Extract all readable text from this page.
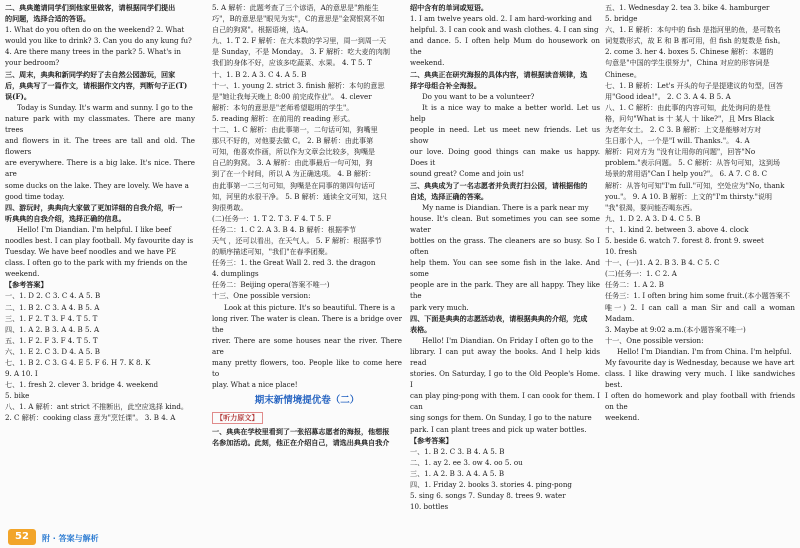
二、典典邀请同学们到他家里做客，请根据同学们提出

的问题，选择合适的答语。

1. What do you often do on the weekend? 2. What

would you like to drink? 3. Can you do any kung fu?

4. Are there many trees in the park? 5. What's in

your bedroom?

三、周末，典典和新同学约好了去自然公园游玩，回家

后，典典写了一篇作文，请根据作文内容，判断句子正(T)

误(F)。

Today is Sunday. It's warm and sunny. I go to the

nature park with my classmates. There are many trees

and flowers in it. The trees are tall and old. The flowers

are everywhere. There is a big lake. It's nice. There are

some ducks on the lake. They are lovely. We have a

good time today.

四、游玩时，典典向大家做了更加详细的自我介绍，听一

听典典的自我介绍，选择正确的信息。

Hello! I'm Diandian. I'm helpful. I like beef

noodles best. I can play football. My favourite day is

Tuesday. We have beef noodles and we have PE

class. I often go to the park with my friends on the

weekend.

【参考答案】

一、1. D 2. C 3. C 4. A 5. B

二、1. B 2. C 3. A 4. B 5. A

三、1. F 2. T 3. F 4. T 5. T

四、1. A 2. B 3. A 4. B 5. A

五、1. F 2. F 3. F 4. T 5. T

六、1. E 2. C 3. D 4. A 5. B

七、1. B 2. C 3. G 4. E 5. F 6. H 7. K 8. K

9. A 10. I

七、1. fresh 2. clever 3. bridge 4. weekend

5. bike

八、1. A 解析：ant strict 不推断出，此空应选择 kind。

2. C 解析：cooking class 意为"烹饪课"。 3. B 4. A

5. A 解析：此题考查了三个谚语，A的意思是"熟能生

巧"，B的意思是"眼见为实"，C的意思是"金窝银窝不如

自己的狗窝"。根据语境，选A。

九、1. T 2. F 解析：在大本数的学习里，周一到周一天

是 Sunday，不是 Monday。 3. F 解析：吃大麦的肉制

我们的身体不好，应该多吃蔬菜、水果。 4. T 5. T

十、1. B 2. A 3. C 4. A 5. B

十一、1. young 2. strict 3. finish 解析：本句的意思

是"她让我每天晚上 8:00 前完成作业"。 4. clever

解析：本句的意思是"老师希望聪明的学生"。

5. reading 解析：在前用的 reading 形式。

十二、1. C 解析：由此事第一，二句话可知，狗嘴里

那只不好的，对他要去做 C。 2. B 解析：由此事第

可知，他喜欢作画，所以作为文章会比较多，狗嘴是

自己的狗窝。 3. A 解析：由此事最后一句可知，狗

到了在一个时间，所以 A 为正确选项。 4. B 解析：

由此事第一二三句可知，狗嘴是在同事的第四句话可

知，河里的水很干净。 5. B 解析：通读全文可知，这只

狗很勇敢。

(二)任务一：1. T 2. T 3. F 4. T 5. F

任务二：1. C 2. A 3. B 4. B 解析：根据季节

天气 ，还可以看出，在天气人。 5. F 解析：根据季节

的顺序描述可知，"我们"在春季团聚。

任务三：1. the Great Wall 2. red 3. the dragon

4. dumplings

任务二：Beijing opera(答案不唯一)

十三、One possible version:

Look at this picture. It's so beautiful. There is a

long river. The water is clean. There is a bridge over the

river. There are some houses near the river. There are

many pretty flowers, too. People like to come here to

play. What a nice place!

期末新情境提优卷（二）

【听力原文】

一、典典在学校里看到了一张招募志愿者的海报，他想报

名参加活动。此刻，他正在介绍自己，请选出典典自我介

绍中含有的单词或短语。

1. I am twelve years old. 2. I am hard-working and

helpful. 3. I can cook and wash clothes. 4. I can sing

and dance. 5. I often help Mum do housework on the

weekend.

二、典典正在研究海报的具体内容，请根据读音规律，选

择字母组合补全海报。

Do you want to be a volunteer?

It is a nice way to make a better world. Let us help

people in need. Let us meet new friends. Let us show

our love. Doing good things can make us happy. Does it

sound great? Come and join us!

三、典典成为了一名志愿者并负责打扫公园，请根据他的

自述，选择正确的答案。

My name is Diandian. There is a park near my

house. It's clean. But sometimes you can see some water

bottles on the grass. The cleaners are so busy. So I often

help them. You can see some fish in the lake. And some

people are in the park. They are all happy. They like the

park very much.

四、下面是典典的志愿活动表，请根据典典的介绍，完成

表格。

Hello! I'm Diandian. On Friday I often go to the

library. I can put away the books. And I help kids read

stories. On Saturday, I go to the Old People's Home. I

can play ping-pong with them. I can cook for them. I can

sing songs for them. On Sunday, I go to the nature

park. I can plant trees and pick up water bottles.

【参考答案】

一、1. B 2. C 3. B 4. A 5. B

二、1. ay 2. ee 3. ow 4. oo 5. ou

三、1. A 2. B 3. A 4. A 5. B

四、1. Friday 2. books 3. stories 4. ping-pong

5. sing 6. songs 7. Sunday 8. trees 9. water

10. bottles

五、1. Wednesday 2. tea 3. bike 4. hamburger

5. bridge

六、1. E 解析：本句中的 fish 是指河里的鱼，是可数名

词复数形式，故 E 和 B 都可用，但 fish 的复数是 fish。

2. come 3. her 4. boxes 5. Chinese 解析：本题的

句意是"中国的学生很努力"，China 对应的形容词是

Chinese。

七、1. B 解析：Let's 开头的句子是提建议的句型，回答

用"Good idea!"。 2. C 3. A 4. B 5. A

八、1. C 解析：由此事的内容可知，此处询问的是性

格，问句"What is 十 某人 十 like?"，且 Mrs Black

为老年女士。 2. C 3. B 解析：上文是能够对方对

生日那个人，一个是"I will. Thanks."。 4. A

解析：同对方为 "没有让用你的问题"，回答"No

problem."表示问题。 5. C 解析：从答句可知，这到场

场景的常用语"Can I help you?"。 6. A 7. C 8. C

解析：从答句可知"I'm full."可知，空处应为"No, thank

you."。 9. A 10. B 解析：上文的"I'm thirsty."说明

"我"很渴，要问能否喝东西。

九、1. D 2. A 3. D 4. C 5. B

十、1. kind 2. between 3. above 4. clock

5. beside 6. watch 7. forest 8. front 9. sweet

10. fresh

十一、(一)1. A 2. B 3. B 4. C 5. C

(二)任务一：1. C 2. A

任务二：1. A 2. B

任务三：1. I often bring him some fruit.(本小题答案不

唯一) 2. I can call a man Sir and call a woman Madam.

3. Maybe at 9:02 a.m.(本小题答案不唯一)

十一、One possible version:

Hello! I'm Diandian. I'm from China. I'm helpful.

My favourite day is Wednesday, because we have art

class. I like drawing very much. I like sandwiches best.

I often do homework and play football with friends on the

weekend.

52	附 · 答案与解析
